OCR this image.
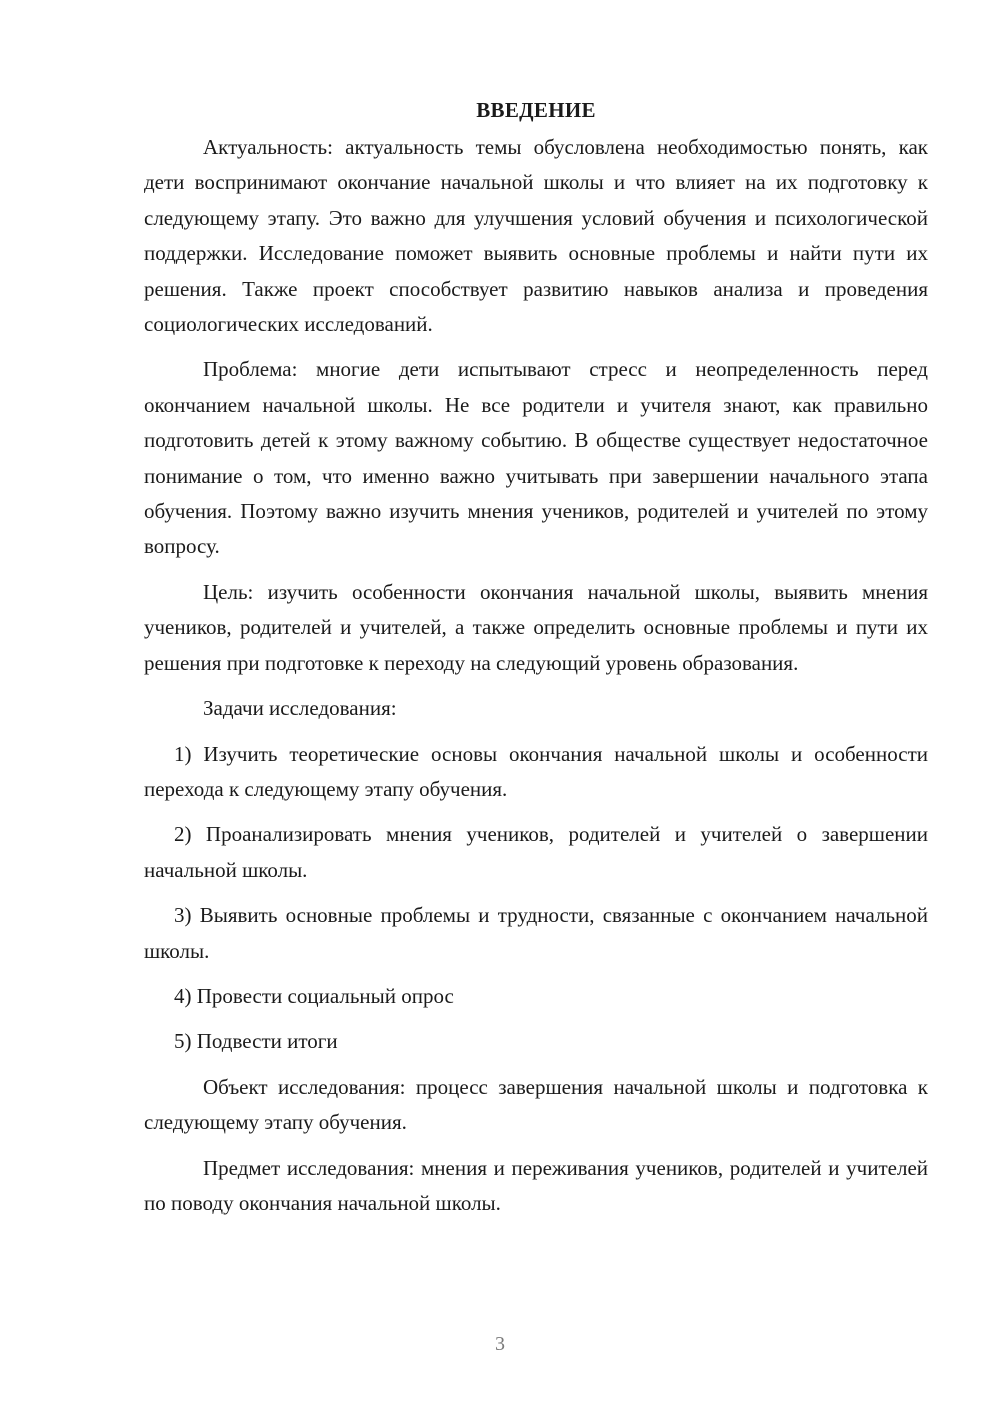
ВВЕДЕНИЕ

Актуальность: актуальность темы обусловлена необходимостью понять, как дети воспринимают окончание начальной школы и что влияет на их подготовку к следующему этапу. Это важно для улучшения условий обучения и психологической поддержки. Исследование поможет выявить основные проблемы и найти пути их решения. Также проект способствует развитию навыков анализа и проведения социологических исследований.

Проблема: многие дети испытывают стресс и неопределенность перед окончанием начальной школы. Не все родители и учителя знают, как правильно подготовить детей к этому важному событию. В обществе существует недостаточное понимание о том, что именно важно учитывать при завершении начального этапа обучения. Поэтому важно изучить мнения учеников, родителей и учителей по этому вопросу.

Цель: изучить особенности окончания начальной школы, выявить мнения учеников, родителей и учителей, а также определить основные проблемы и пути их решения при подготовке к переходу на следующий уровень образования.

Задачи исследования:

1) Изучить теоретические основы окончания начальной школы и особенности перехода к следующему этапу обучения.

2) Проанализировать мнения учеников, родителей и учителей о завершении начальной школы.

3) Выявить основные проблемы и трудности, связанные с окончанием начальной школы.

4) Провести социальный опрос

5) Подвести итоги

Объект исследования: процесс завершения начальной школы и подготовка к следующему этапу обучения.

Предмет исследования: мнения и переживания учеников, родителей и учителей по поводу окончания начальной школы.

3
